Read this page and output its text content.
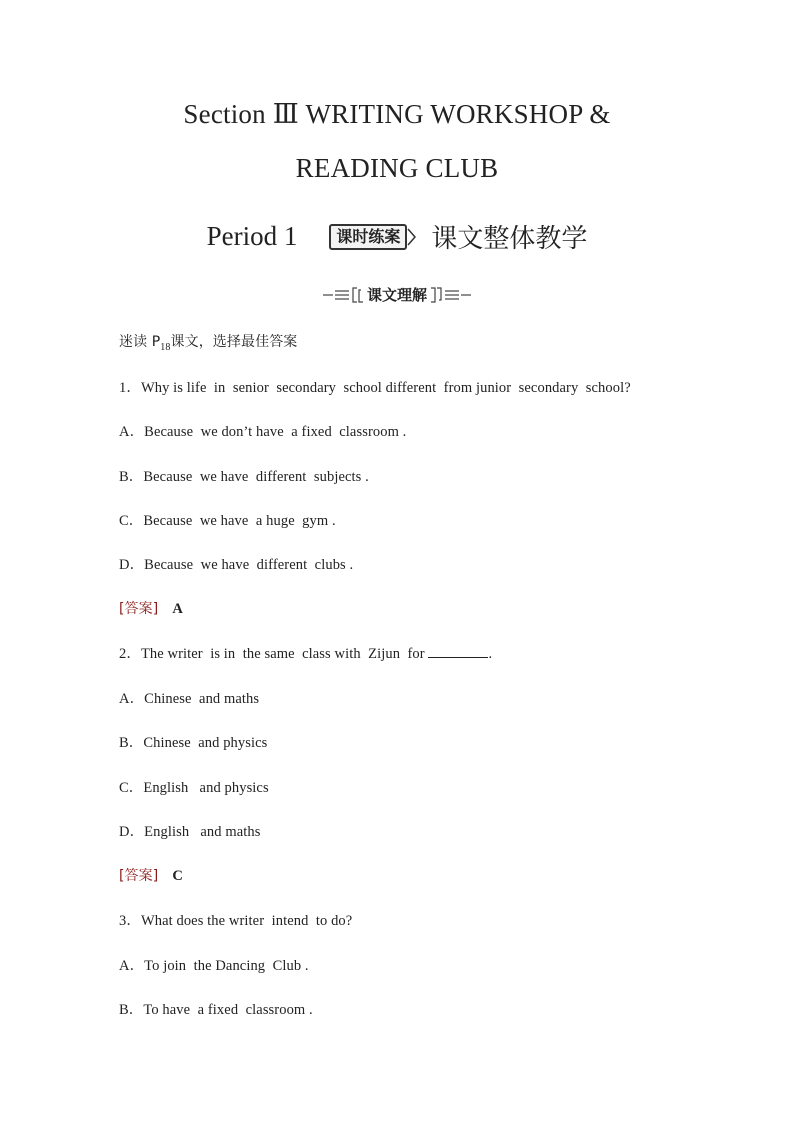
Section Ⅲ WRITING WORKSHOP &
READING CLUB
Period 1	课时练案 课文整体教学
课文理解
迷读 $P_{18}$课文，选择最佳答案
1．Why is life  in  senior  secondary  school different  from junior  secondary  school?
A．Because  we don’t have  a fixed  classroom .
B．Because  we have  different  subjects .
C．Because  we have  a huge  gym .
D．Because  we have  different  clubs .
[答案] A
2．The writer  is in  the same  class with  Zijun  for	.
A．Chinese  and maths
B．Chinese  and physics
C．English   and physics
D．English   and maths
[答案] C
3．What does the writer  intend  to do?
A．To join  the Dancing  Club .
B．To have  a fixed  classroom .
